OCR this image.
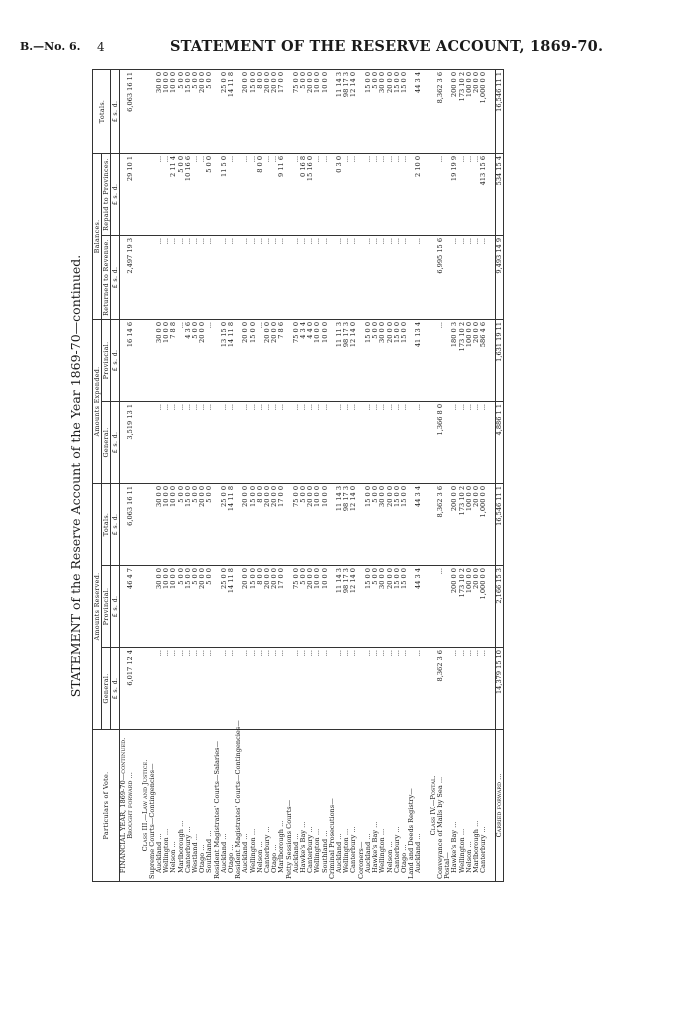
B.—No. 6. 4	STATEMENT OF THE RESERVE ACCOUNT, 1869-70.
STATEMENT of the Reserve Account of the Year 1869-70—continued.
Particulars of Vote.	Amounts Reserved.			Amounts Expended.		Balances.		Totals.
	General.	Provincial.	Totals.	General.	Provincial.	Returned to Revenue.	Repaid to Provinces.	
	£ s. d.	£ s. d.	£ s. d.	£ s. d.	£ s. d.	£ s. d.	£ s. d.	£ s. d.
FINANCIAL YEAR, 1869-70—continued.								
Brought forward ...	6,017 12 4	46 4 7	6,063 16 11	3,519 13 1	16 14 6	2,497 19 3	29 10 1	6,063 16 11

Class III.—Law and Justice.								
Supreme Courts—Contingencies—								
Auckland ...	...	30 0 0	30 0 0	...	30 0 0	...	...	30 0 0
Wellington ...	...	10 0 0	10 0 0	...	10 0 0	...	...	10 0 0
Nelson ...	...	10 0 0	10 0 0	...	7 8 8	...	2 11 4	10 0 0
Marlborough ...	...	5 0 0	5 0 0	...	...	...	5 0 0	5 0 0
Canterbury ...	...	15 0 0	15 0 0	...	4 3 6	...	10 16 6	15 0 0
Westland ...	...	5 0 0	5 0 0	...	5 0 0	...	...	5 0 0
Otago ...	...	20 0 0	20 0 0	...	20 0 0	...	...	20 0 0
Southland ...	...	5 0 0	5 0 0	...	...	...	5 0 0	5 0 0
Resident Magistrates' Courts—Salaries—								
Auckland ...	...	25 0 0	25 0 0	...	13 15 0	...	11 5 0	25 0 0
Otago ...	...	14 11 8	14 11 8	...	14 11 8	...	...	14 11 8
Resident Magistrates' Courts—Contingencies—								
Auckland ...	...	20 0 0	20 0 0	...	20 0 0	...	...	20 0 0
Wellington ...	...	15 0 0	15 0 0	...	15 0 0	...	...	15 0 0
Nelson ...	...	8 0 0	8 0 0	...	...	...	8 0 0	8 0 0
Canterbury ...	...	20 0 0	20 0 0	...	20 0 0	...	...	20 0 0
Otago ...	...	20 0 0	20 0 0	...	20 0 0	...	...	20 0 0
Marlborough ...	...	17 0 0	17 0 0	...	7 8 6	...	9 11 6	17 0 0
Petty Sessions Courts—								
Auckland ...	...	75 0 0	75 0 0	...	75 0 0	...	...	75 0 0
Hawke's Bay ...	...	5 0 0	5 0 0	...	4 3 4	...	0 16 8	5 0 0
Canterbury ...	...	20 0 0	20 0 0	...	4 4 0	...	15 16 0	20 0 0
Wellington ...	...	10 0 0	10 0 0	...	10 0 0	...	...	10 0 0
Southland ...	...	10 0 0	10 0 0	...	10 0 0	...	...	10 0 0
Criminal Prosecutions—								
Auckland ...	...	11 14 3	11 14 3	...	11 11 3	...	0 3 0	11 14 3
Wellington ...	...	98 17 3	98 17 3	...	98 17 3	...	...	98 17 3
Canterbury ...	...	12 14 0	12 14 0	...	12 14 0	...	...	12 14 0
Coroners—								
Auckland ...	...	15 0 0	15 0 0	...	15 0 0	...	...	15 0 0
Hawke's Bay ...	...	5 0 0	5 0 0	...	5 0 0	...	...	5 0 0
Wellington ...	...	30 0 0	30 0 0	...	30 0 0	...	...	30 0 0
Nelson ...	...	20 0 0	20 0 0	...	20 0 0	...	...	20 0 0
Canterbury ...	...	15 0 0	15 0 0	...	15 0 0	...	...	15 0 0
Otago ...	...	15 0 0	15 0 0	...	15 0 0	...	...	15 0 0
Land and Deeds Registry—								
Auckland ...	...	44 3 4	44 3 4	...	41 13 4	...	2 10 0	44 3 4

Class IV.—Postal.								
Conveyance of Mails by Sea ...	8,362 3 6	...	8,362 3 6	1,366 8 0	...	6,995 15 6	...	8,362 3 6
Postal—								
Hawke's Bay ...	...	200 0 0	200 0 0	...	180 0 3	...	19 19 9	200 0 0
Wellington ...	...	173 10 2	173 10 2	...	173 10 2	...	...	173 10 2
Nelson ...	...	100 0 0	100 0 0	...	100 0 0	...	...	100 0 0
Marlborough ...	...	20 0 0	20 0 0	...	20 0 0	...	...	20 0 0
Canterbury ...	...	1,000 0 0	1,000 0 0	...	586 4 6	...	413 15 6	1,000 0 0

Carried forward ...	14,379 15 10	2,166 15 3	16,546 11 1	4,886 1 1	1,631 19 11	9,493 14 9	534 15 4	16,546 11 1
